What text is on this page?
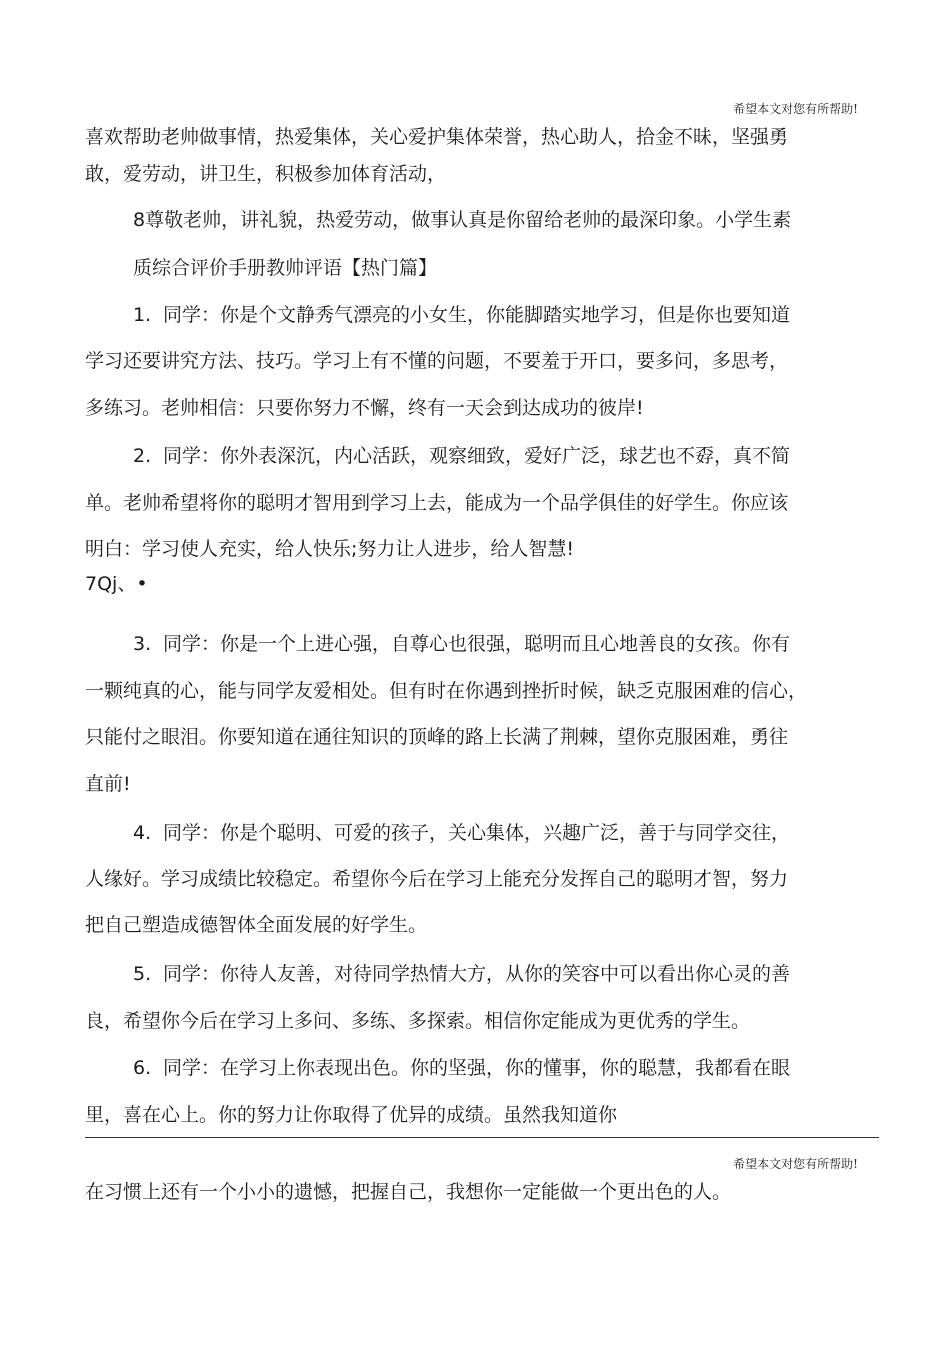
希望本文对您有所帮助!
喜欢帮助老帅做事情，热爱集体，关心爱护集体荣誉，热心助人，拾金不昧，坚强勇
敢，爱劳动，讲卫生，积极参加体育活动，
8尊敬老帅，讲礼貌，热爱劳动，做事认真是你留给老帅的最深印象。小学生素
质综合评价手册教帅评语【热门篇】
1. 同学：你是个文静秀气漂亮的小女生，你能脚踏实地学习，但是你也要知道
学习还要讲究方法、技巧。学习上有不懂的问题，不要羞于开口，要多问，多思考，
多练习。老帅相信：只要你努力不懈，终有一天会到达成功的彼岸!
2. 同学：你外表深沉，内心活跃，观察细致，爱好广泛，球艺也不孬，真不简
单。老帅希望将你的聪明才智用到学习上去，能成为一个品学俱佳的好学生。你应该
明白：学习使人充实，给人快乐;努力让人进步，给人智慧!
7Qj、•
3. 同学：你是一个上进心强，自尊心也很强，聪明而且心地善良的女孩。你有
一颗纯真的心，能与同学友爱相处。但有时在你遇到挫折时候，缺乏克服困难的信心，
只能付之眼泪。你要知道在通往知识的顶峰的路上长满了荆棘，望你克服困难，勇往
直前!
4. 同学：你是个聪明、可爱的孩子，关心集体，兴趣广泛，善于与同学交往，
人缘好。学习成绩比较稳定。希望你今后在学习上能充分发挥自己的聪明才智，努力
把自己塑造成德智体全面发展的好学生。
5. 同学：你待人友善，对待同学热情大方，从你的笑容中可以看出你心灵的善
良，希望你今后在学习上多问、多练、多探索。相信你定能成为更优秀的学生。
6. 同学：在学习上你表现出色。你的坚强，你的懂事，你的聪慧，我都看在眼
里，喜在心上。你的努力让你取得了优异的成绩。虽然我知道你
希望本文对您有所帮助!
在习惯上还有一个小小的遗憾，把握自己，我想你一定能做一个更出色的人。
